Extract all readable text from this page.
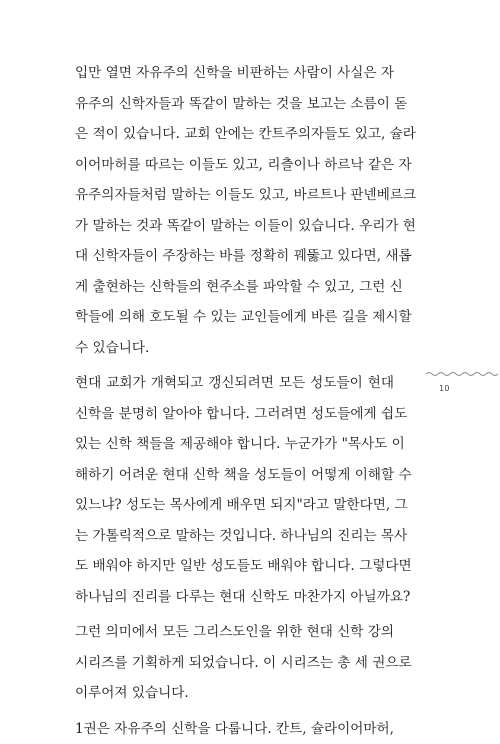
입만 열면 자유주의 신학을 비판하는 사람이 사실은 자
유주의 신학자들과 똑같이 말하는 것을 보고는 소름이 돋
은 적이 있습니다. 교회 안에는 칸트주의자들도 있고, 슐라
이어마허를 따르는 이들도 있고, 리츨이나 하르낙 같은 자
유주의자들처럼 말하는 이들도 있고, 바르트나 판넨베르크
가 말하는 것과 똑같이 말하는 이들이 있습니다. 우리가 현
대 신학자들이 주장하는 바를 정확히 꿰뚫고 있다면, 새롭
게 출현하는 신학들의 현주소를 파악할 수 있고, 그런 신
학들에 의해 호도될 수 있는 교인들에게 바른 길을 제시할
수 있습니다.

현대 교회가 개혁되고 갱신되려면 모든 성도들이 현대
신학을 분명히 알아야 합니다. 그러려면 성도들에게 쉽도
있는 신학 책들을 제공해야 합니다. 누군가가 "목사도 이
해하기 어려운 현대 신학 책을 성도들이 어떻게 이해할 수
있느냐? 성도는 목사에게 배우면 되지"라고 말한다면, 그
는 가톨릭적으로 말하는 것입니다. 하나님의 진리는 목사
도 배워야 하지만 일반 성도들도 배워야 합니다. 그렇다면
하나님의 진리를 다루는 현대 신학도 마찬가지 아닐까요?

그런 의미에서 모든 그리스도인을 위한 현대 신학 강의
시리즈를 기획하게 되었습니다. 이 시리즈는 총 세 권으로
이루어져 있습니다.

1권은 자유주의 신학을 다룹니다. 칸트, 슐라이어마허,

10
